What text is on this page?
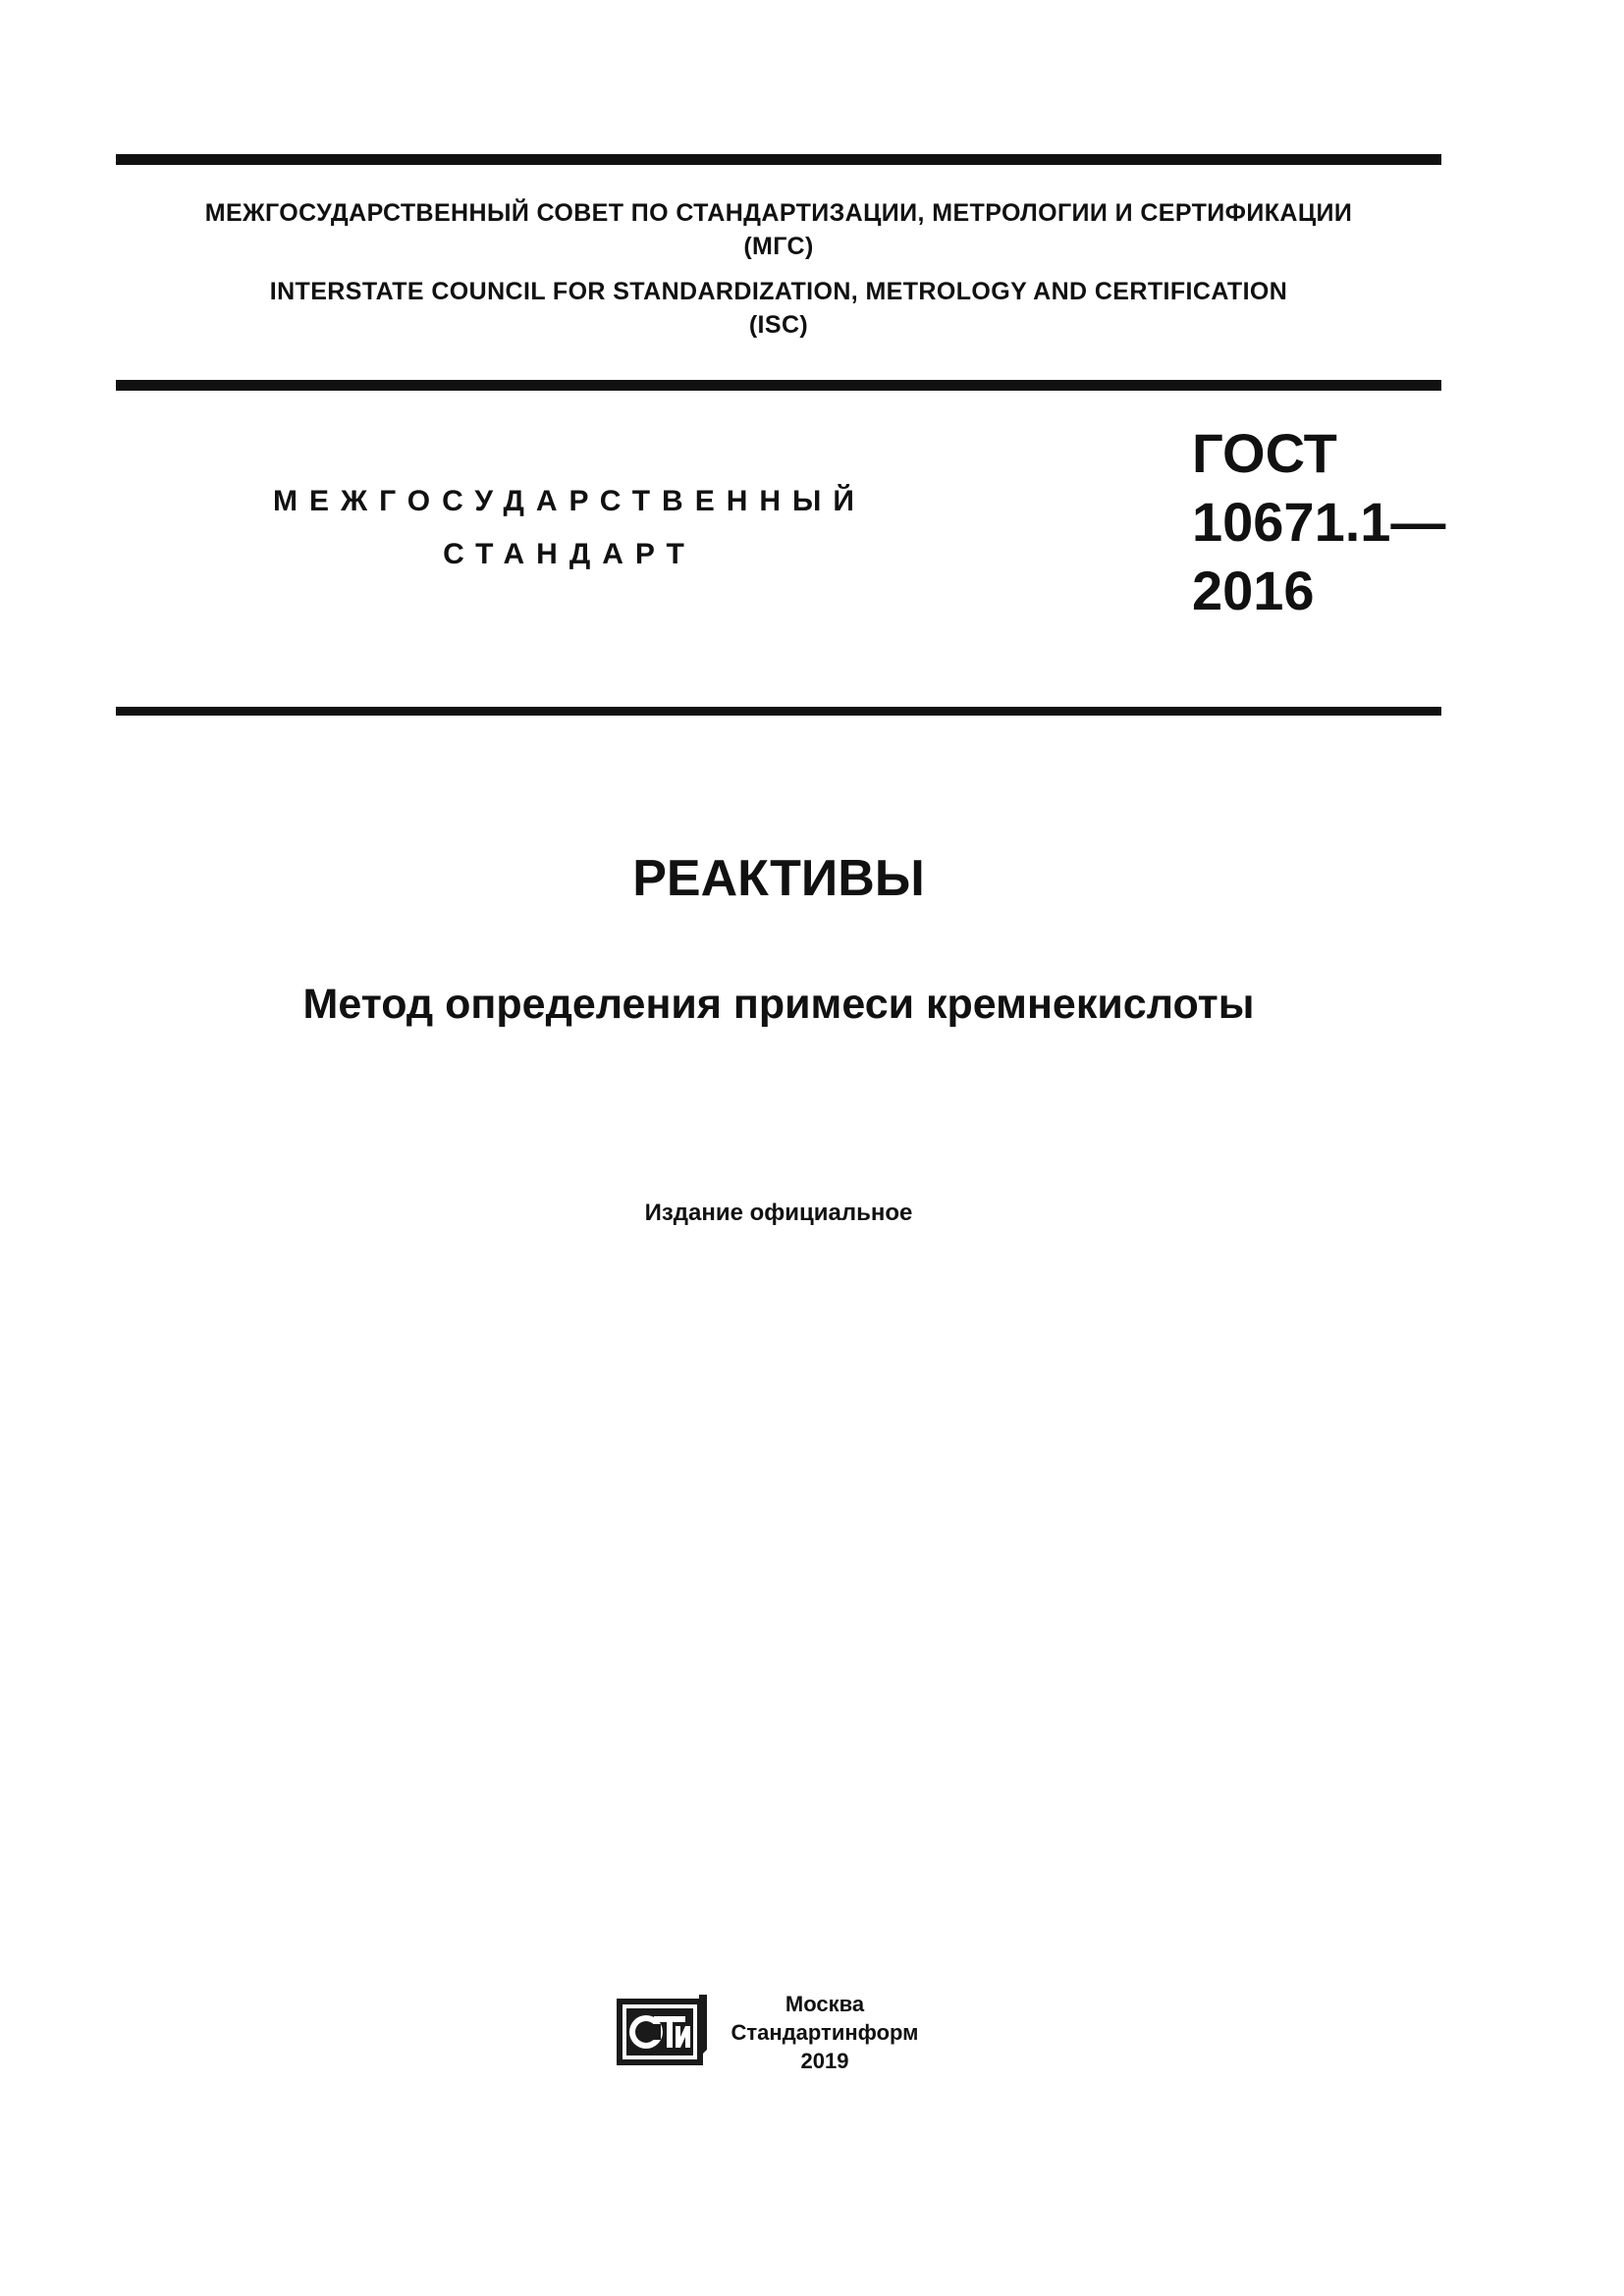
МЕЖГОСУДАРСТВЕННЫЙ СОВЕТ ПО СТАНДАРТИЗАЦИИ, МЕТРОЛОГИИ И СЕРТИФИКАЦИИ
(МГС)
INTERSTATE COUNCIL FOR STANDARDIZATION, METROLOGY AND CERTIFICATION
(ISC)
МЕЖГОСУДАРСТВЕННЫЙ
СТАНДАРТ
ГОСТ
10671.1—
2016
РЕАКТИВЫ
Метод определения примеси кремнекислоты
Издание официальное
Москва
Стандартинформ
2019
